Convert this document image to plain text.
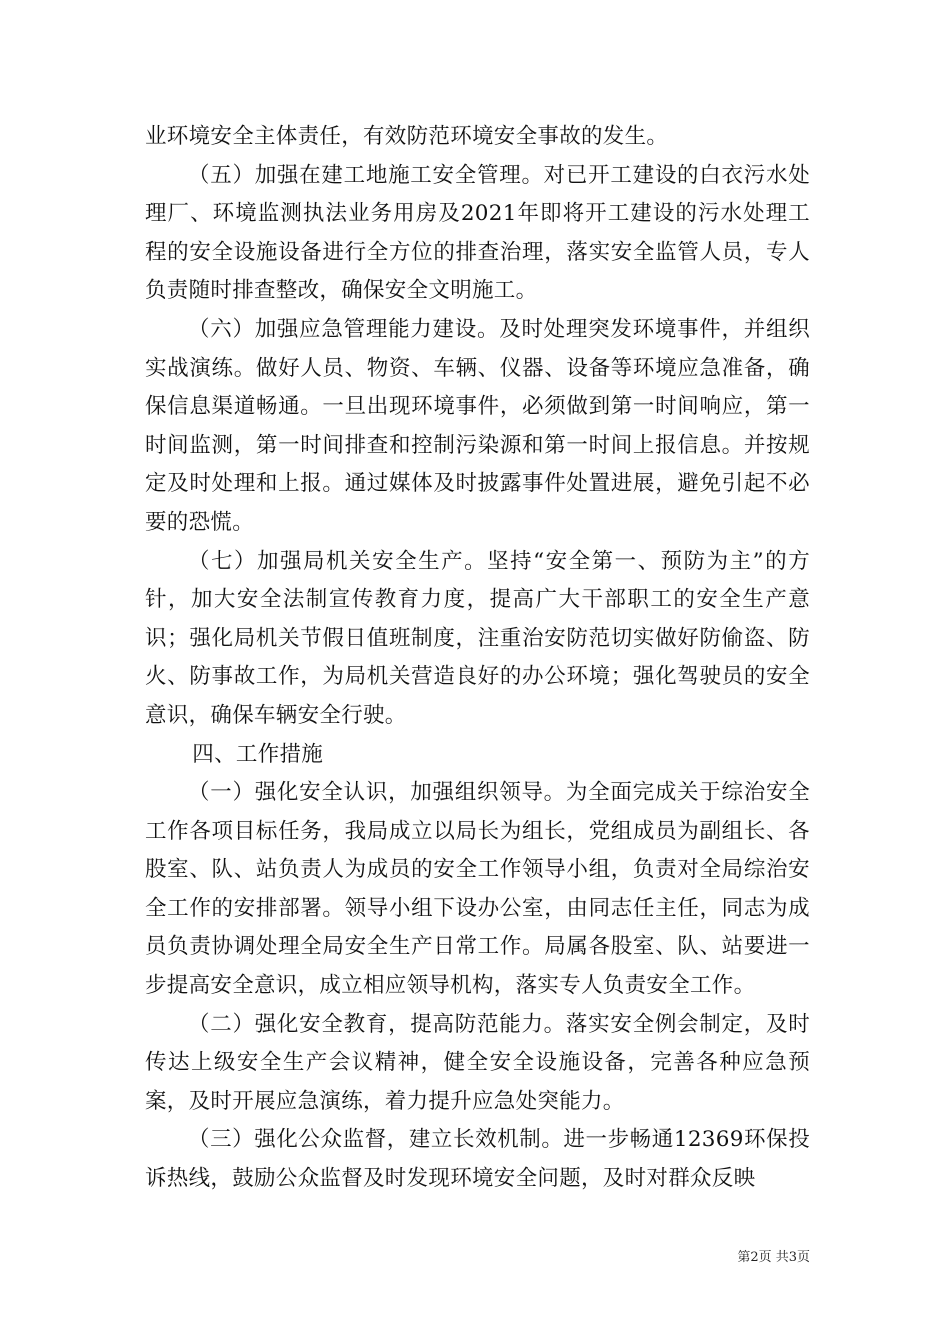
业环境安全主体责任，有效防范环境安全事故的发生。

（五）加强在建工地施工安全管理。对已开工建设的白衣污水处理厂、环境监测执法业务用房及2021年即将开工建设的污水处理工程的安全设施设备进行全方位的排查治理，落实安全监管人员，专人负责随时排查整改，确保安全文明施工。

（六）加强应急管理能力建设。及时处理突发环境事件，并组织实战演练。做好人员、物资、车辆、仪器、设备等环境应急准备，确保信息渠道畅通。一旦出现环境事件，必须做到第一时间响应，第一时间监测，第一时间排查和控制污染源和第一时间上报信息。并按规定及时处理和上报。通过媒体及时披露事件处置进展，避免引起不必要的恐慌。

（七）加强局机关安全生产。坚持“安全第一、预防为主”的方针，加大安全法制宣传教育力度，提高广大干部职工的安全生产意识；强化局机关节假日值班制度，注重治安防范切实做好防偷盗、防火、防事故工作，为局机关营造良好的办公环境；强化驾驶员的安全意识，确保车辆安全行驶。

四、工作措施

（一）强化安全认识，加强组织领导。为全面完成关于综治安全工作各项目标任务，我局成立以局长为组长，党组成员为副组长、各股室、队、站负责人为成员的安全工作领导小组，负责对全局综治安全工作的安排部署。领导小组下设办公室，由同志任主任，同志为成员负责协调处理全局安全生产日常工作。局属各股室、队、站要进一步提高安全意识，成立相应领导机构，落实专人负责安全工作。

（二）强化安全教育，提高防范能力。落实安全例会制定，及时传达上级安全生产会议精神，健全安全设施设备，完善各种应急预案，及时开展应急演练，着力提升应急处突能力。

（三）强化公众监督，建立长效机制。进一步畅通12369环保投诉热线，鼓励公众监督及时发现环境安全问题，及时对群众反映

第2页 共3页
